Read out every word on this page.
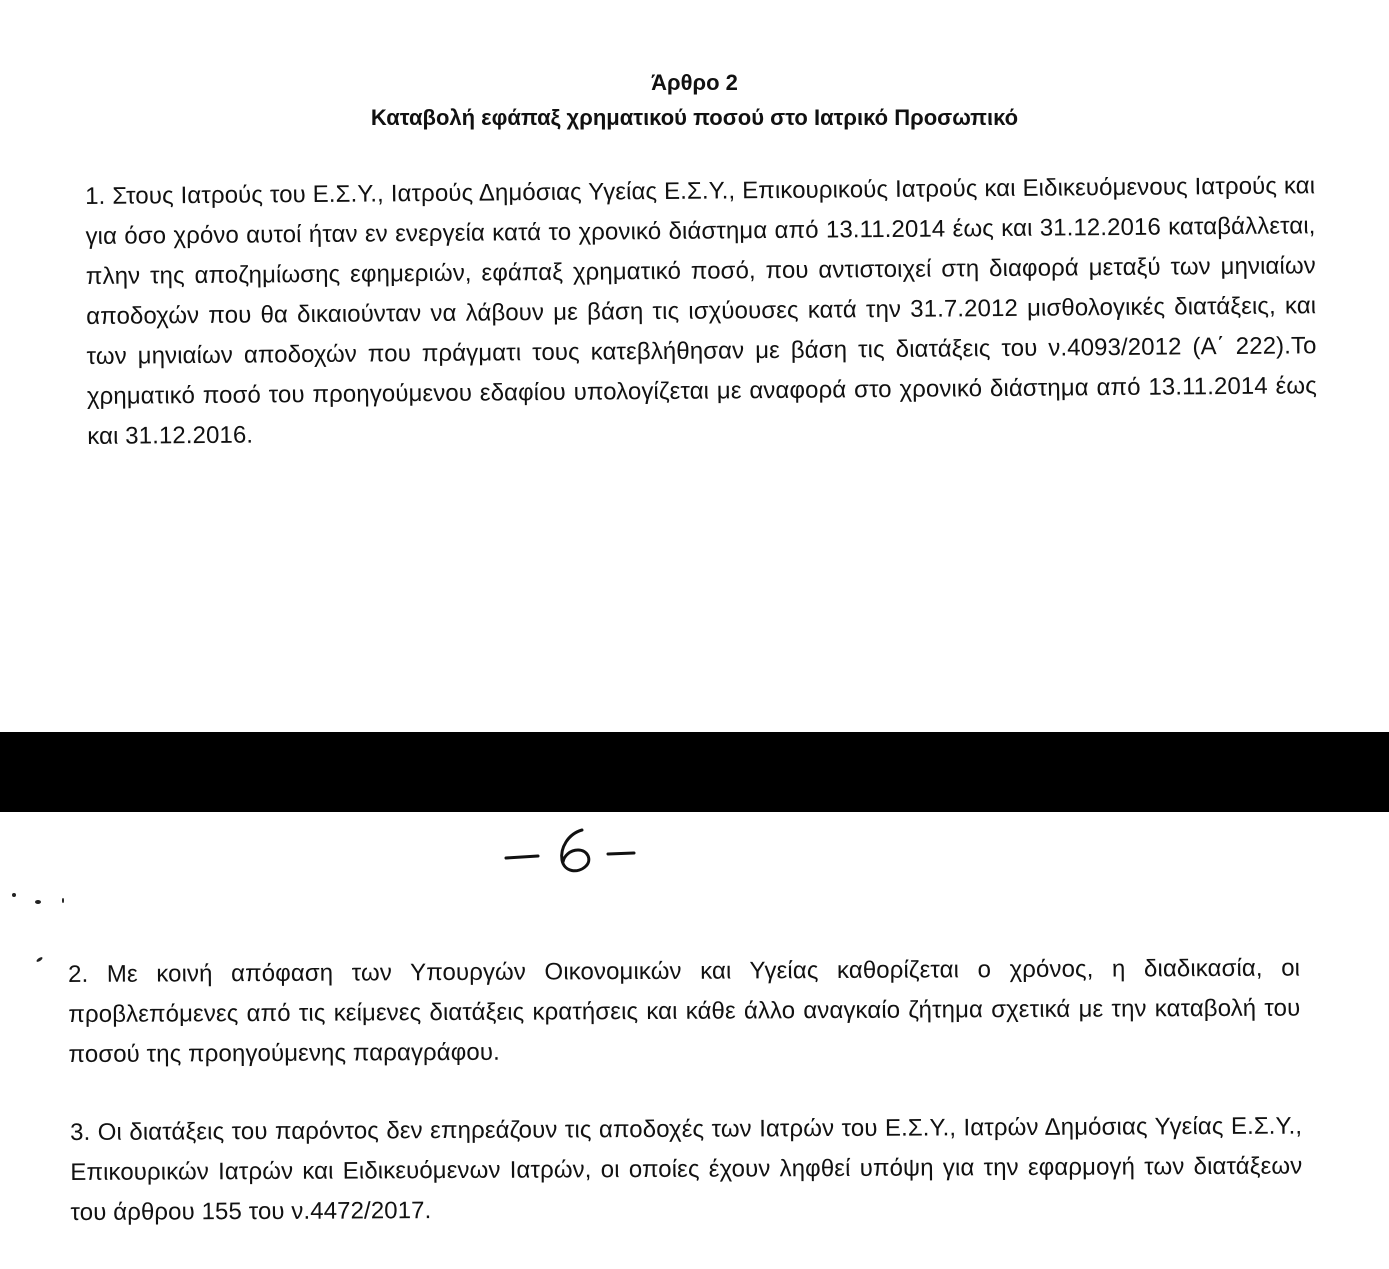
Άρθρο 2
Καταβολή εφάπαξ χρηματικού ποσού στο Ιατρικό Προσωπικό

1. Στους Ιατρούς του Ε.Σ.Υ., Ιατρούς Δημόσιας Υγείας Ε.Σ.Υ., Επικουρικούς Ιατρούς και Ειδικευόμενους Ιατρούς και για όσο χρόνο αυτοί ήταν εν ενεργεία κατά το χρονικό διάστημα από 13.11.2014 έως και 31.12.2016 καταβάλλεται, πλην της αποζημίωσης εφημεριών, εφάπαξ χρηματικό ποσό, που αντιστοιχεί στη διαφορά μεταξύ των μηνιαίων αποδοχών που θα δικαιούνταν να λάβουν με βάση τις ισχύουσες κατά την 31.7.2012 μισθολογικές διατάξεις, και των μηνιαίων αποδοχών που πράγματι τους κατεβλήθησαν με βάση τις διατάξεις του ν.4093/2012 (Α΄ 222).Το χρηματικό ποσό του προηγούμενου εδαφίου υπολογίζεται με αναφορά στο χρονικό διάστημα από 13.11.2014 έως και 31.12.2016.

2. Με κοινή απόφαση των Υπουργών Οικονομικών και Υγείας καθορίζεται ο χρόνος, η διαδικασία, οι προβλεπόμενες από τις κείμενες διατάξεις κρατήσεις και κάθε άλλο αναγκαίο ζήτημα σχετικά με την καταβολή του ποσού της προηγούμενης παραγράφου.

3. Οι διατάξεις του παρόντος δεν επηρεάζουν τις αποδοχές των Ιατρών του Ε.Σ.Υ., Ιατρών Δημόσιας Υγείας Ε.Σ.Υ., Επικουρικών Ιατρών και Ειδικευόμενων Ιατρών, οι οποίες έχουν ληφθεί υπόψη για την εφαρμογή των διατάξεων του άρθρου 155 του ν.4472/2017.
